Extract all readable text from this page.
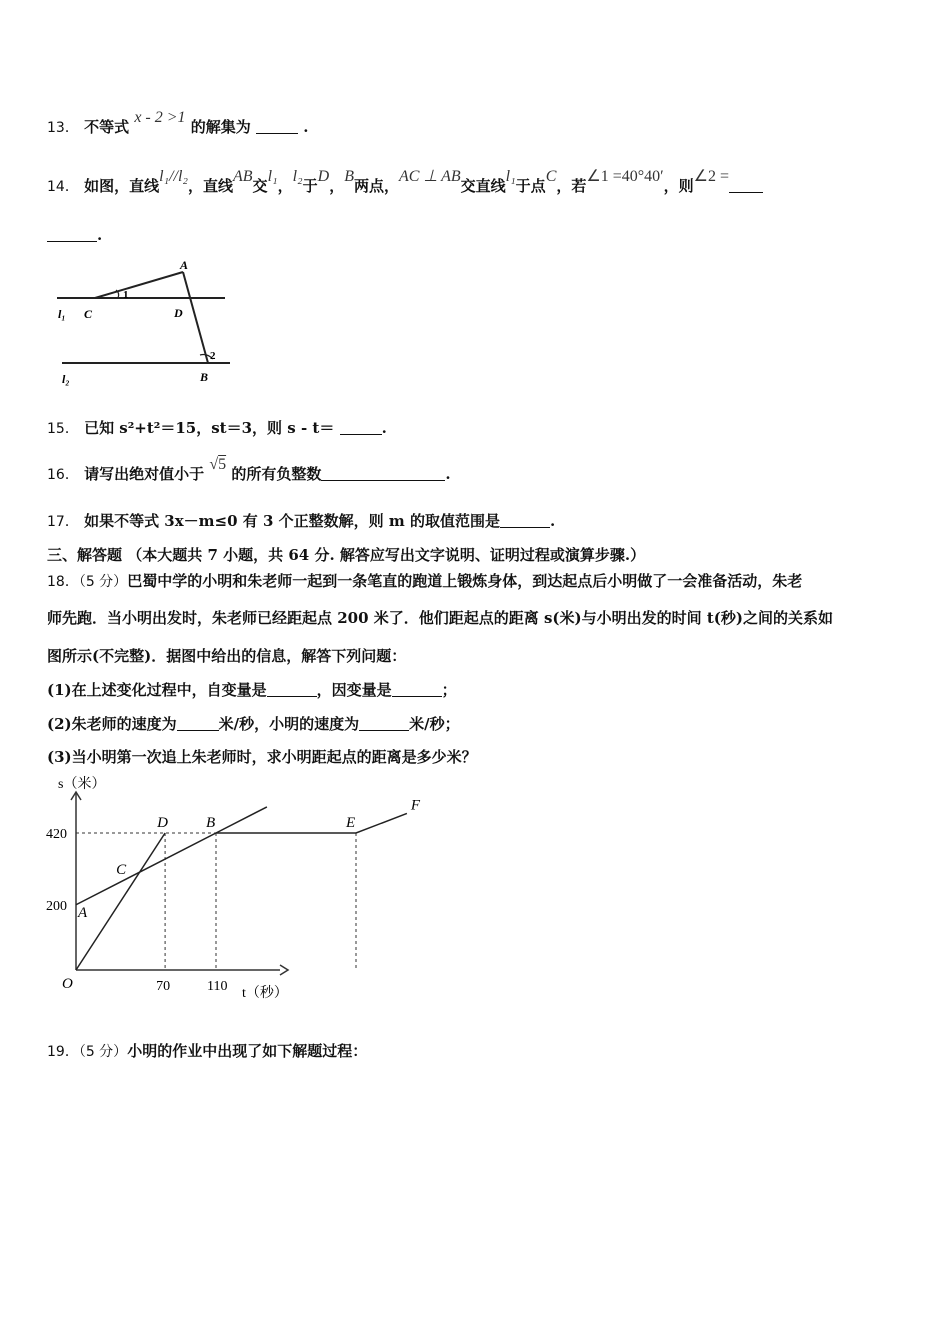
13． 不等式 x - 2 >1 的解集为	.
14． 如图，直线l₁//l₂，直线AB交l₁，l₂于D，B两点，AC ⊥ AB交直线l₁于点C，若∠1 =40°40′，则∠2 =
.
A
C	D
B
l₁
l₂
1
2
15． 已知 s²+t²＝15，st＝3，则 s - t＝	.
16． 请写出绝对值小于 √5 的所有负整数	.
17． 如果不等式 3x－m≤0 有 3 个正整数解，则 m 的取值范围是	.
三、解答题 （本大题共 7 小题，共 64 分. 解答应写出文字说明、证明过程或演算步骤.）
18．（5 分）巴蜀中学的小明和朱老师一起到一条笔直的跑道上锻炼身体，到达起点后小明做了一会准备活动，朱老
师先跑．当小明出发时，朱老师已经距起点 200 米了．他们距起点的距离 s(米)与小明出发的时间 t(秒)之间的关系如
图所示(不完整)．据图中给出的信息，解答下列问题：
(1)在上述变化过程中，自变量是	，因变量是	；
(2)朱老师的速度为	米/秒，小明的速度为	米/秒；
(3)当小明第一次追上朱老师时，求小明距起点的距离是多少米？
200
420
70	110
A
C
D	B	E
F
s（米）
t（秒）
O
19．（5 分）小明的作业中出现了如下解题过程：
